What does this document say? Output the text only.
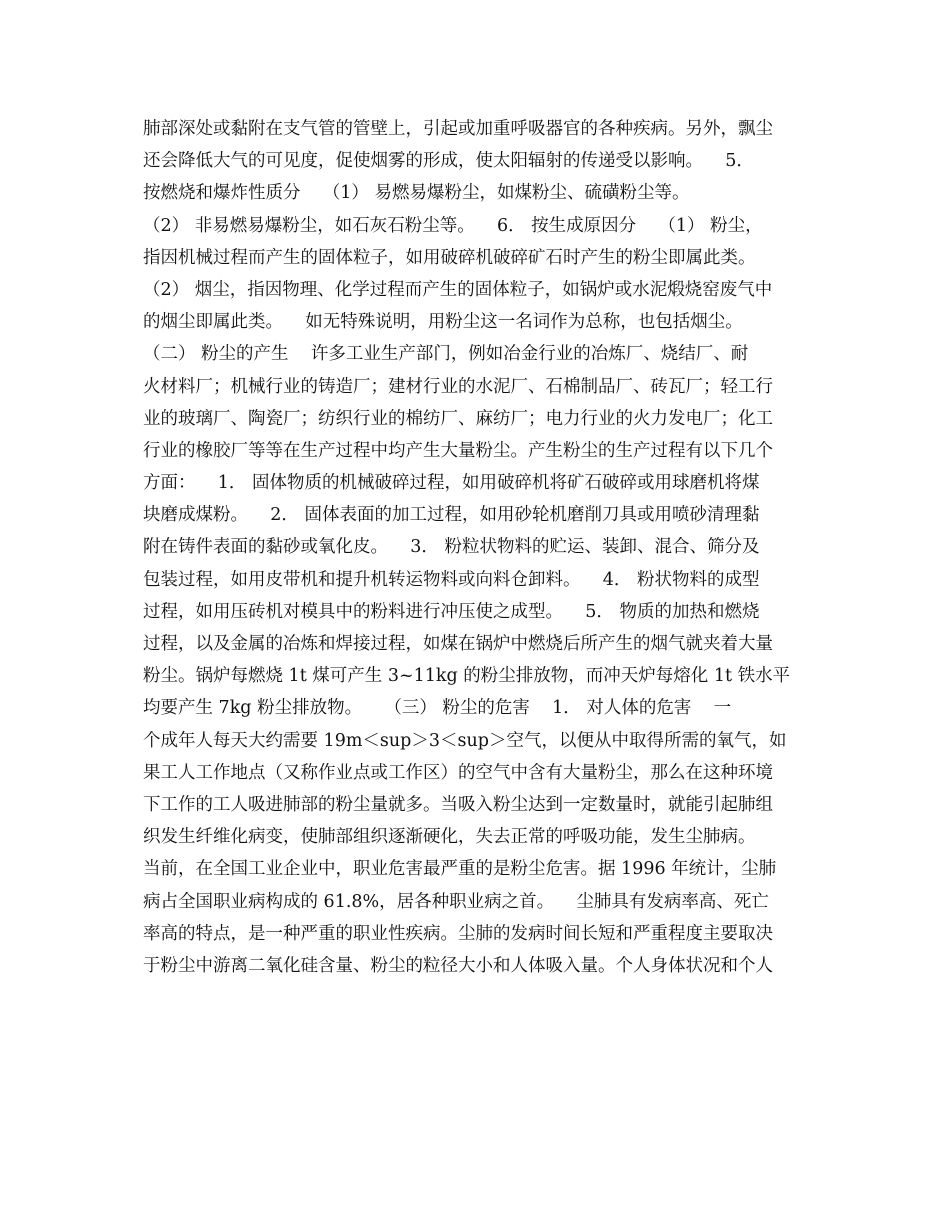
肺部深处或黏附在支气管的管壁上，引起或加重呼吸器官的各种疾病。另外，飘尘
还会降低大气的可见度，促使烟雾的形成，使太阳辐射的传递受以影响。    5．
按燃烧和爆炸性质分    （1） 易燃易爆粉尘，如煤粉尘、硫磺粉尘等。
（2） 非易燃易爆粉尘，如石灰石粉尘等。    6． 按生成原因分    （1） 粉尘，
指因机械过程而产生的固体粒子，如用破碎机破碎矿石时产生的粉尘即属此类。
（2） 烟尘，指因物理、化学过程而产生的固体粒子，如锅炉或水泥煅烧窑废气中
的烟尘即属此类。    如无特殊说明，用粉尘这一名词作为总称，也包括烟尘。
（二） 粉尘的产生    许多工业生产部门，例如冶金行业的冶炼厂、烧结厂、耐
火材料厂；机械行业的铸造厂；建材行业的水泥厂、石棉制品厂、砖瓦厂；轻工行
业的玻璃厂、陶瓷厂；纺织行业的棉纺厂、麻纺厂；电力行业的火力发电厂；化工
行业的橡胶厂等等在生产过程中均产生大量粉尘。产生粉尘的生产过程有以下几个
方面：    1． 固体物质的机械破碎过程，如用破碎机将矿石破碎或用球磨机将煤
块磨成煤粉。    2． 固体表面的加工过程，如用砂轮机磨削刀具或用喷砂清理黏
附在铸件表面的黏砂或氧化皮。    3． 粉粒状物料的贮运、装卸、混合、筛分及
包装过程，如用皮带机和提升机转运物料或向料仓卸料。    4． 粉状物料的成型
过程，如用压砖机对模具中的粉料进行冲压使之成型。    5． 物质的加热和燃烧
过程，以及金属的冶炼和焊接过程，如煤在锅炉中燃烧后所产生的烟气就夹着大量
粉尘。锅炉每燃烧 1t 煤可产生 3~11kg 的粉尘排放物，而冲天炉每熔化 1t 铁水平
均要产生 7kg 粉尘排放物。    （三） 粉尘的危害    1． 对人体的危害    一
个成年人每天大约需要 19m＜sup＞3＜sup＞空气，以便从中取得所需的氧气，如
果工人工作地点（又称作业点或工作区）的空气中含有大量粉尘，那么在这种环境
下工作的工人吸进肺部的粉尘量就多。当吸入粉尘达到一定数量时，就能引起肺组
织发生纤维化病变，使肺部组织逐渐硬化，失去正常的呼吸功能，发生尘肺病。
当前，在全国工业企业中，职业危害最严重的是粉尘危害。据 1996 年统计，尘肺
病占全国职业病构成的 61.8%，居各种职业病之首。    尘肺具有发病率高、死亡
率高的特点，是一种严重的职业性疾病。尘肺的发病时间长短和严重程度主要取决
于粉尘中游离二氧化硅含量、粉尘的粒径大小和人体吸入量。个人身体状况和个人
